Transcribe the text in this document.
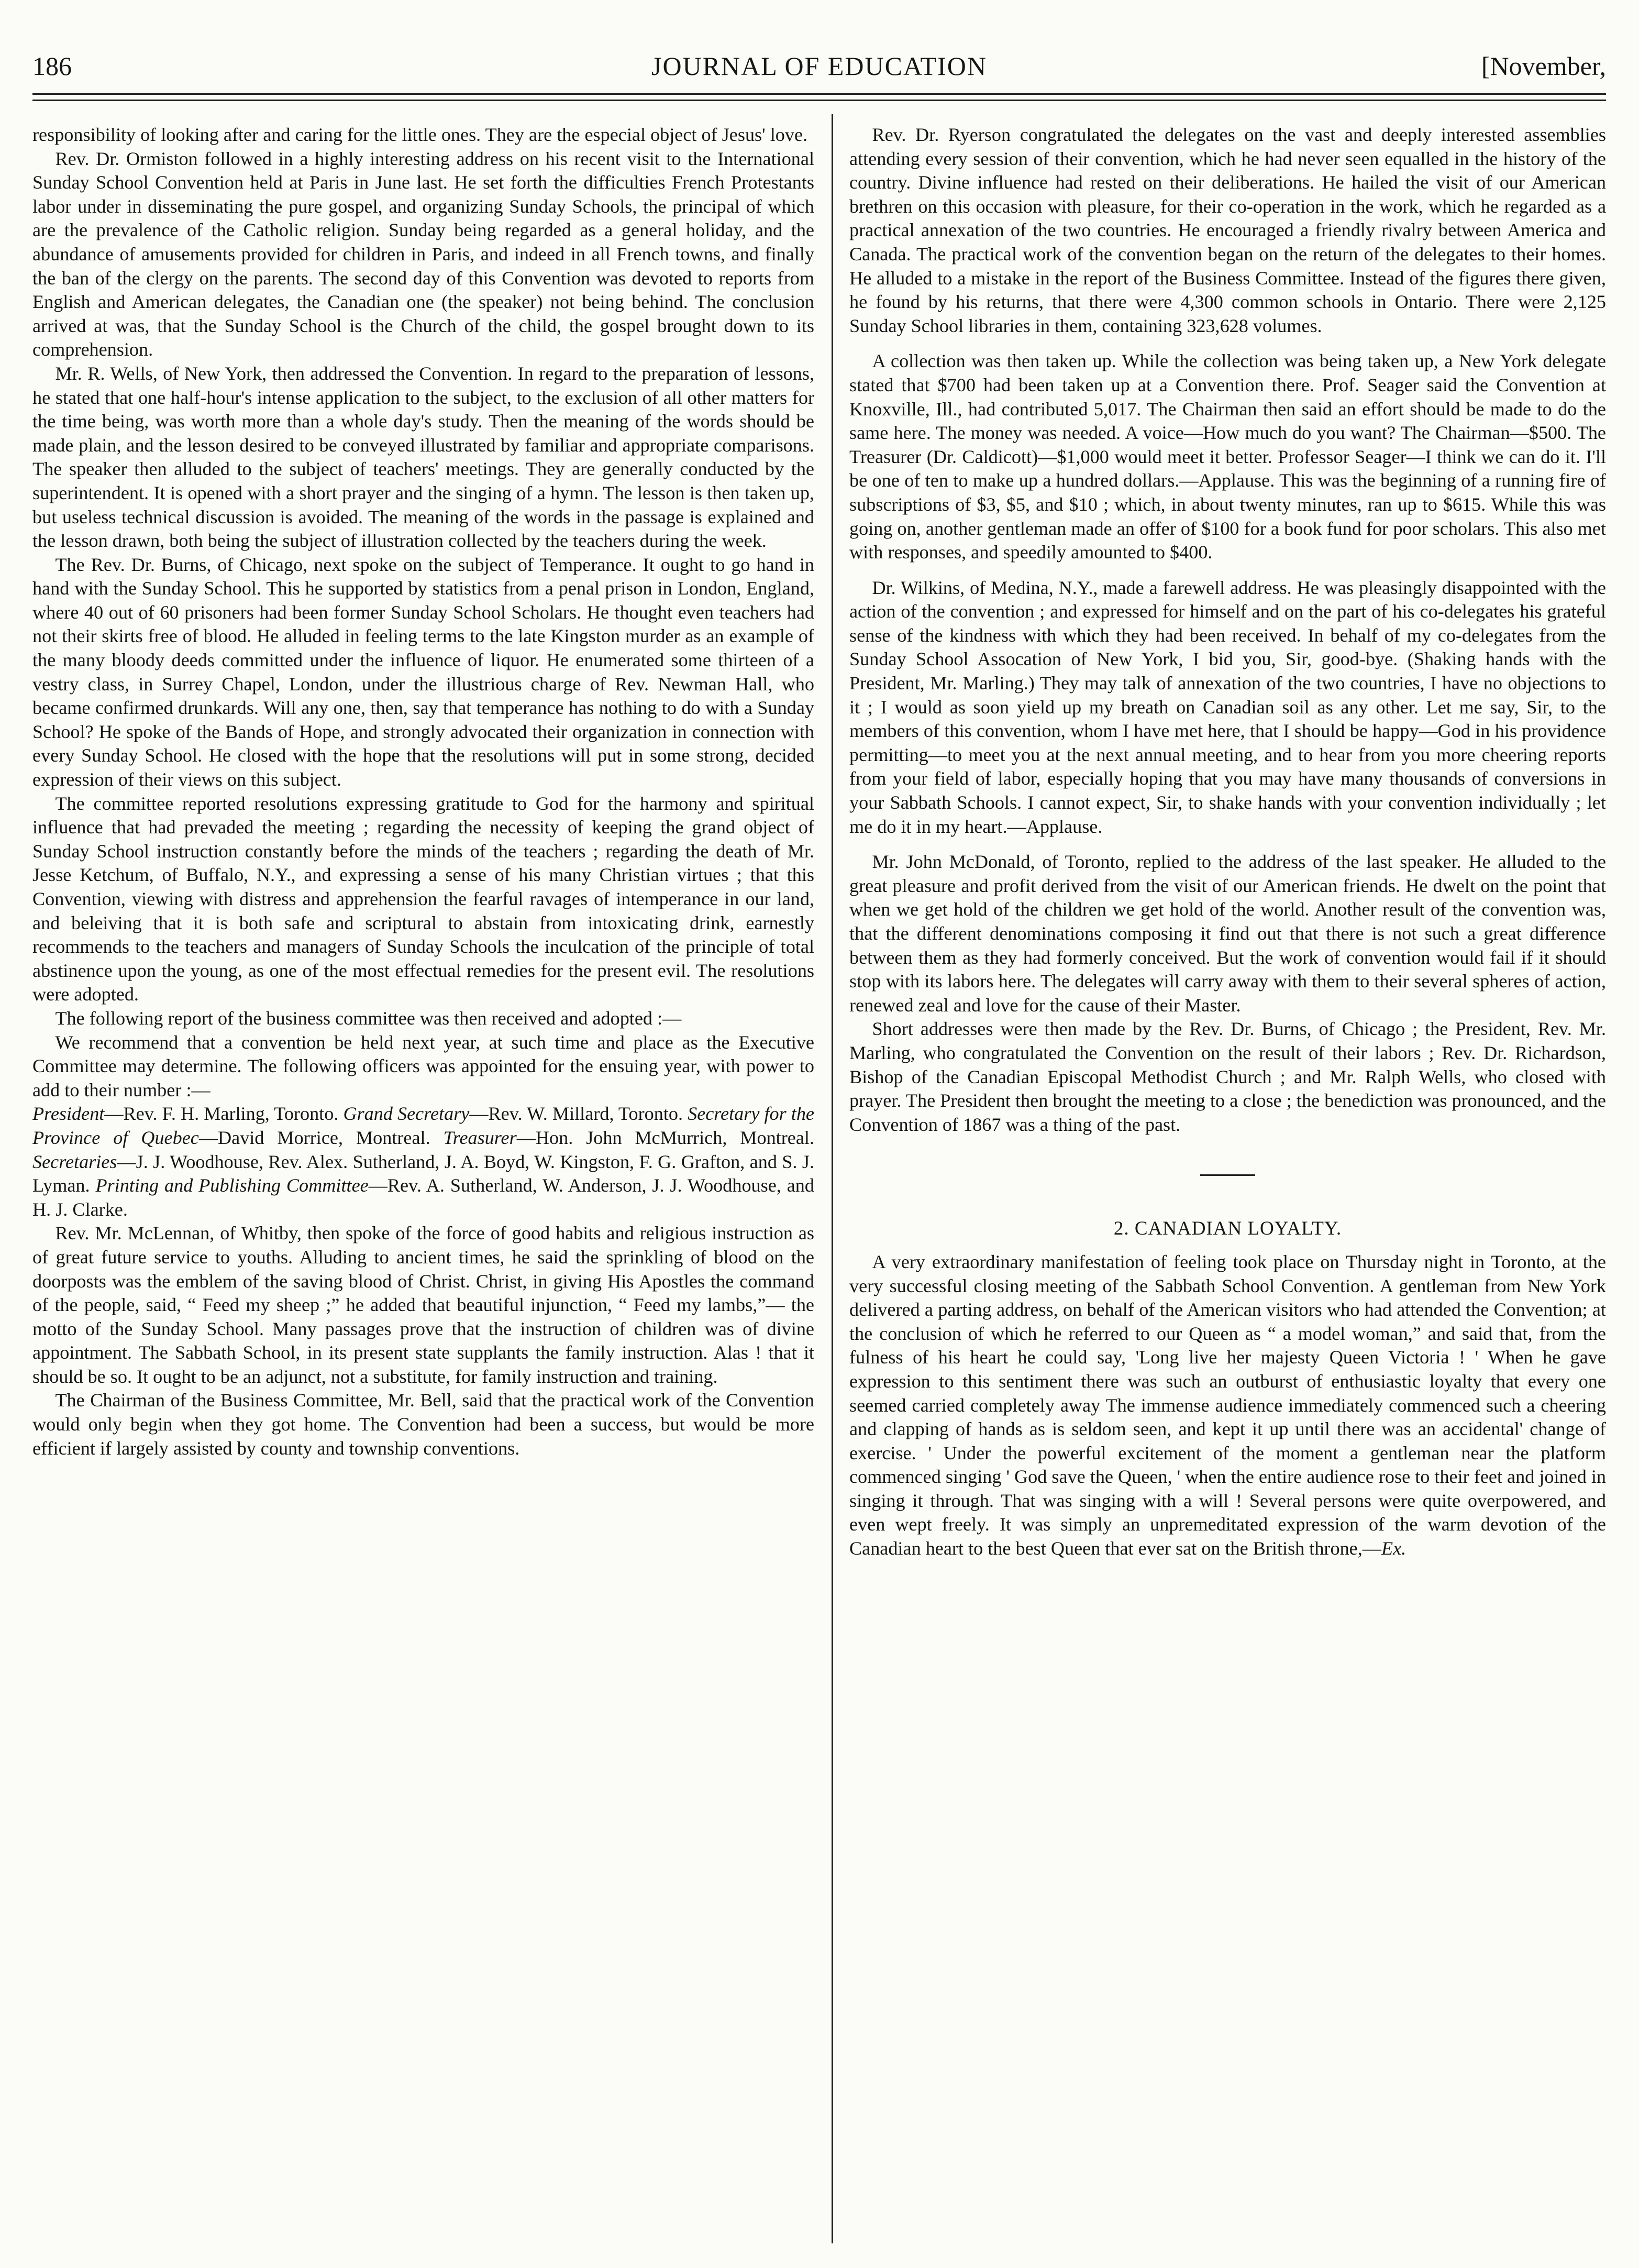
186	JOURNAL OF EDUCATION	[November,

responsibility of looking after and caring for the little ones. They are the especial object of Jesus' love.

Rev. Dr. Ormiston followed in a highly interesting address on his recent visit to the International Sunday School Convention held at Paris in June last. He set forth the difficulties French Protestants labor under in disseminating the pure gospel, and organizing Sunday Schools, the principal of which are the prevalence of the Catholic religion. Sunday being regarded as a general holiday, and the abundance of amusements provided for children in Paris, and indeed in all French towns, and finally the ban of the clergy on the parents. The second day of this Convention was devoted to reports from English and American delegates, the Canadian one (the speaker) not being behind. The conclusion arrived at was, that the Sunday School is the Church of the child, the gospel brought down to its comprehension.

Mr. R. Wells, of New York, then addressed the Convention. In regard to the preparation of lessons, he stated that one half-hour's intense application to the subject, to the exclusion of all other matters for the time being, was worth more than a whole day's study. Then the meaning of the words should be made plain, and the lesson desired to be conveyed illustrated by familiar and appropriate comparisons. The speaker then alluded to the subject of teachers' meetings. They are generally conducted by the superintendent. It is opened with a short prayer and the singing of a hymn. The lesson is then taken up, but useless technical discussion is avoided. The meaning of the words in the passage is explained and the lesson drawn, both being the subject of illustration collected by the teachers during the week.

The Rev. Dr. Burns, of Chicago, next spoke on the subject of Temperance. It ought to go hand in hand with the Sunday School. This he supported by statistics from a penal prison in London, England, where 40 out of 60 prisoners had been former Sunday School Scholars. He thought even teachers had not their skirts free of blood. He alluded in feeling terms to the late Kingston murder as an example of the many bloody deeds committed under the influence of liquor. He enumerated some thirteen of a vestry class, in Surrey Chapel, London, under the illustrious charge of Rev. Newman Hall, who became confirmed drunkards. Will any one, then, say that temperance has nothing to do with a Sunday School? He spoke of the Bands of Hope, and strongly advocated their organization in connection with every Sunday School. He closed with the hope that the resolutions will put in some strong, decided expression of their views on this subject.

The committee reported resolutions expressing gratitude to God for the harmony and spiritual influence that had prevaded the meeting ; regarding the necessity of keeping the grand object of Sunday School instruction constantly before the minds of the teachers ; regarding the death of Mr. Jesse Ketchum, of Buffalo, N.Y., and expressing a sense of his many Christian virtues ; that this Convention, viewing with distress and apprehension the fearful ravages of intemperance in our land, and beleiving that it is both safe and scriptural to abstain from intoxicating drink, earnestly recommends to the teachers and managers of Sunday Schools the inculcation of the principle of total abstinence upon the young, as one of the most effectual remedies for the present evil. The resolutions were adopted.

The following report of the business committee was then received and adopted :—

We recommend that a convention be held next year, at such time and place as the Executive Committee may determine. The following officers was appointed for the ensuing year, with power to add to their number :—

President—Rev. F. H. Marling, Toronto. Grand Secretary—Rev. W. Millard, Toronto. Secretary for the Province of Quebec—David Morrice, Montreal. Treasurer—Hon. John McMurrich, Montreal. Secretaries—J. J. Woodhouse, Rev. Alex. Sutherland, J. A. Boyd, W. Kingston, F. G. Grafton, and S. J. Lyman. Printing and Publishing Committee—Rev. A. Sutherland, W. Anderson, J. J. Woodhouse, and H. J. Clarke.

Rev. Mr. McLennan, of Whitby, then spoke of the force of good habits and religious instruction as of great future service to youths. Alluding to ancient times, he said the sprinkling of blood on the doorposts was the emblem of the saving blood of Christ. Christ, in giving His Apostles the command of the people, said, “ Feed my sheep ;” he added that beautiful injunction, “ Feed my lambs,”— the motto of the Sunday School. Many passages prove that the instruction of children was of divine appointment. The Sabbath School, in its present state supplants the family instruction. Alas ! that it should be so. It ought to be an adjunct, not a substitute, for family instruction and training.

The Chairman of the Business Committee, Mr. Bell, said that the practical work of the Convention would only begin when they got home. The Convention had been a success, but would be more efficient if largely assisted by county and township conventions.

Rev. Dr. Ryerson congratulated the delegates on the vast and deeply interested assemblies attending every session of their convention, which he had never seen equalled in the history of the country. Divine influence had rested on their deliberations. He hailed the visit of our American brethren on this occasion with pleasure, for their co-operation in the work, which he regarded as a practical annexation of the two countries. He encouraged a friendly rivalry between America and Canada. The practical work of the convention began on the return of the delegates to their homes. He alluded to a mistake in the report of the Business Committee. Instead of the figures there given, he found by his returns, that there were 4,300 common schools in Ontario. There were 2,125 Sunday School libraries in them, containing 323,628 volumes.

A collection was then taken up. While the collection was being taken up, a New York delegate stated that $700 had been taken up at a Convention there. Prof. Seager said the Convention at Knoxville, Ill., had contributed 5,017. The Chairman then said an effort should be made to do the same here. The money was needed. A voice—How much do you want? The Chairman—$500. The Treasurer (Dr. Caldicott)—$1,000 would meet it better. Professor Seager—I think we can do it. I'll be one of ten to make up a hundred dollars.—Applause. This was the beginning of a running fire of subscriptions of $3, $5, and $10 ; which, in about twenty minutes, ran up to $615. While this was going on, another gentleman made an offer of $100 for a book fund for poor scholars. This also met with responses, and speedily amounted to $400.

Dr. Wilkins, of Medina, N.Y., made a farewell address. He was pleasingly disappointed with the action of the convention ; and expressed for himself and on the part of his co-delegates his grateful sense of the kindness with which they had been received. In behalf of my co-delegates from the Sunday School Assocation of New York, I bid you, Sir, good-bye. (Shaking hands with the President, Mr. Marling.) They may talk of annexation of the two countries, I have no objections to it ; I would as soon yield up my breath on Canadian soil as any other. Let me say, Sir, to the members of this convention, whom I have met here, that I should be happy—God in his providence permitting—to meet you at the next annual meeting, and to hear from you more cheering reports from your field of labor, especially hoping that you may have many thousands of conversions in your Sabbath Schools. I cannot expect, Sir, to shake hands with your convention individually ; let me do it in my heart.—Applause.

Mr. John McDonald, of Toronto, replied to the address of the last speaker. He alluded to the great pleasure and profit derived from the visit of our American friends. He dwelt on the point that when we get hold of the children we get hold of the world. Another result of the convention was, that the different denominations composing it find out that there is not such a great difference between them as they had formerly conceived. But the work of convention would fail if it should stop with its labors here. The delegates will carry away with them to their several spheres of action, renewed zeal and love for the cause of their Master.

Short addresses were then made by the Rev. Dr. Burns, of Chicago ; the President, Rev. Mr. Marling, who congratulated the Convention on the result of their labors ; Rev. Dr. Richardson, Bishop of the Canadian Episcopal Methodist Church ; and Mr. Ralph Wells, who closed with prayer. The President then brought the meeting to a close ; the benediction was pronounced, and the Convention of 1867 was a thing of the past.

2. CANADIAN LOYALTY.

A very extraordinary manifestation of feeling took place on Thursday night in Toronto, at the very successful closing meeting of the Sabbath School Convention. A gentleman from New York delivered a parting address, on behalf of the American visitors who had attended the Convention; at the conclusion of which he referred to our Queen as “ a model woman,” and said that, from the fulness of his heart he could say, 'Long live her majesty Queen Victoria ! ' When he gave expression to this sentiment there was such an outburst of enthusiastic loyalty that every one seemed carried completely away The immense audience immediately commenced such a cheering and clapping of hands as is seldom seen, and kept it up until there was an accidental' change of exercise. ' Under the powerful excitement of the moment a gentleman near the platform commenced singing ' God save the Queen, ' when the entire audience rose to their feet and joined in singing it through. That was singing with a will ! Several persons were quite overpowered, and even wept freely. It was simply an unpremeditated expression of the warm devotion of the Canadian heart to the best Queen that ever sat on the British throne,—Ex.
